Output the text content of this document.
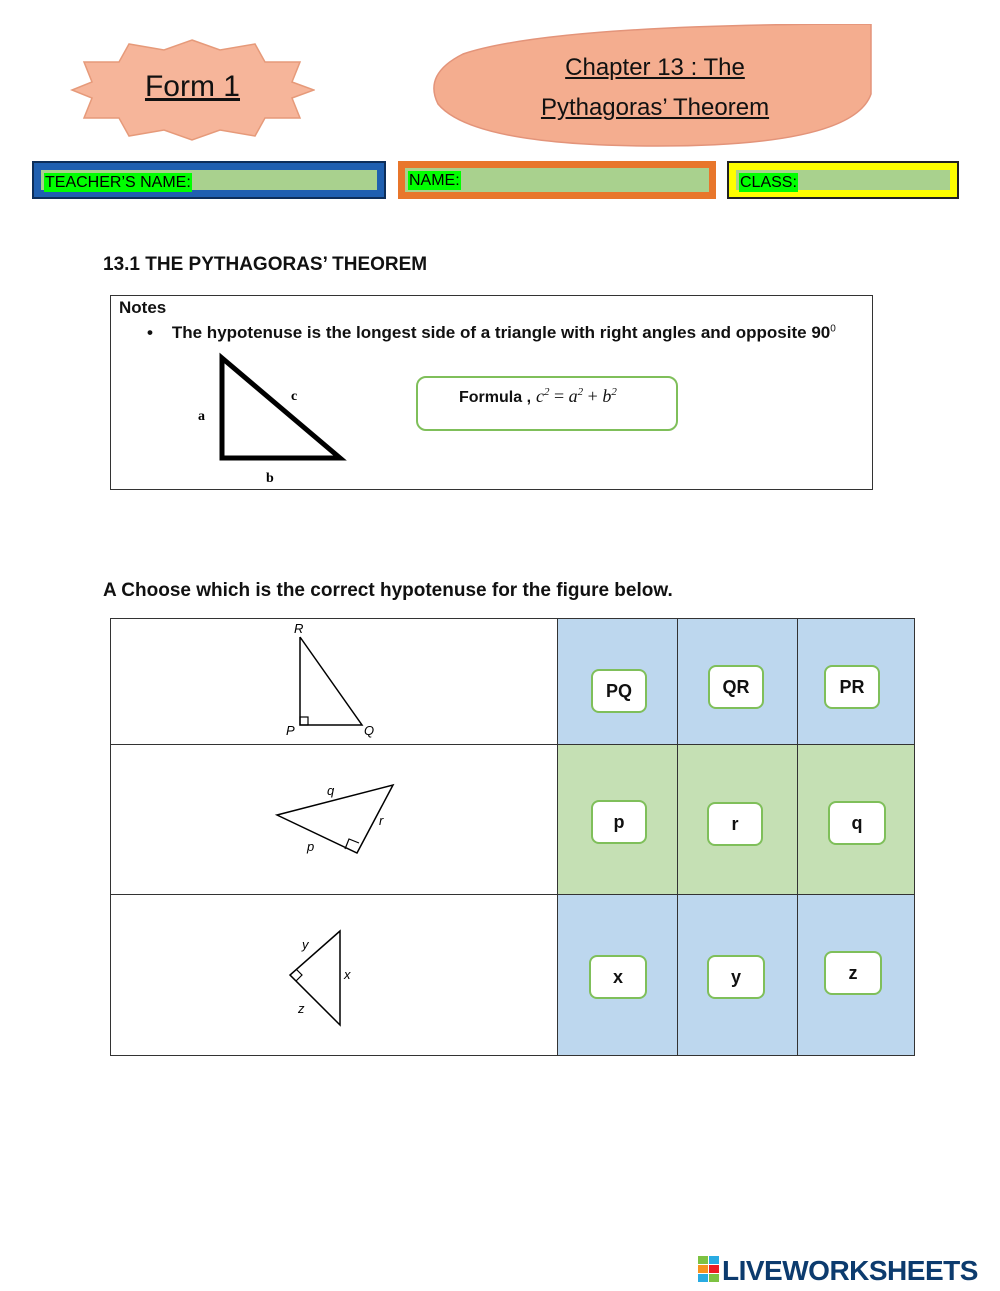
Form 1
Chapter 13 : The
Pythagoras’ Theorem
TEACHER’S NAME:	NAME:	CLASS:
13.1 THE PYTHAGORAS’ THEOREM
Notes
•    The hypotenuse is the longest side of a triangle with right angles and opposite $90^0$
a
b
c	Formula , $c^2 = a^2 + b^2$
A Choose which is the correct hypotenuse for the figure below.
R
P Q	PQ	QR	PR

q
r
p	p	r	q

y
x
z	x	y	z
LIVEWORKSHEETS
